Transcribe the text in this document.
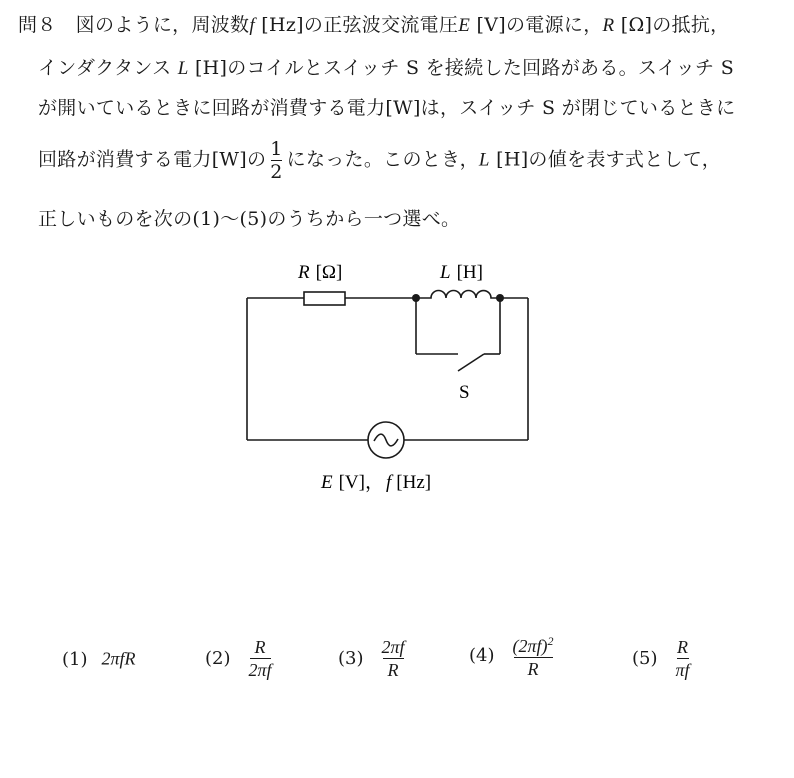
問８ 図のように，周波数f [Hz]の正弦波交流電圧E [V]の電源に，R [Ω]の抵抗，
インダクタンス L [H]のコイルとスイッチ S を接続した回路がある。スイッチ S
が開いているときに回路が消費する電力[W]は，スイッチ S が閉じているときに
回路が消費する電力[W]の $\frac{1}{2}$ になった。このとき，L [H]の値を表す式として，
正しいものを次の(1)～(5)のうちから一つ選べ。
R [Ω]	L [H]
S
E [V]， f [Hz]
(1) 2πfR	$(2) \frac{R}{2\pi f}$	$(3) \frac{2\pi f}{R}$	$(4) \frac{(2\pi f)^2}{R}$	$(5) \frac{R}{\pi f}$
